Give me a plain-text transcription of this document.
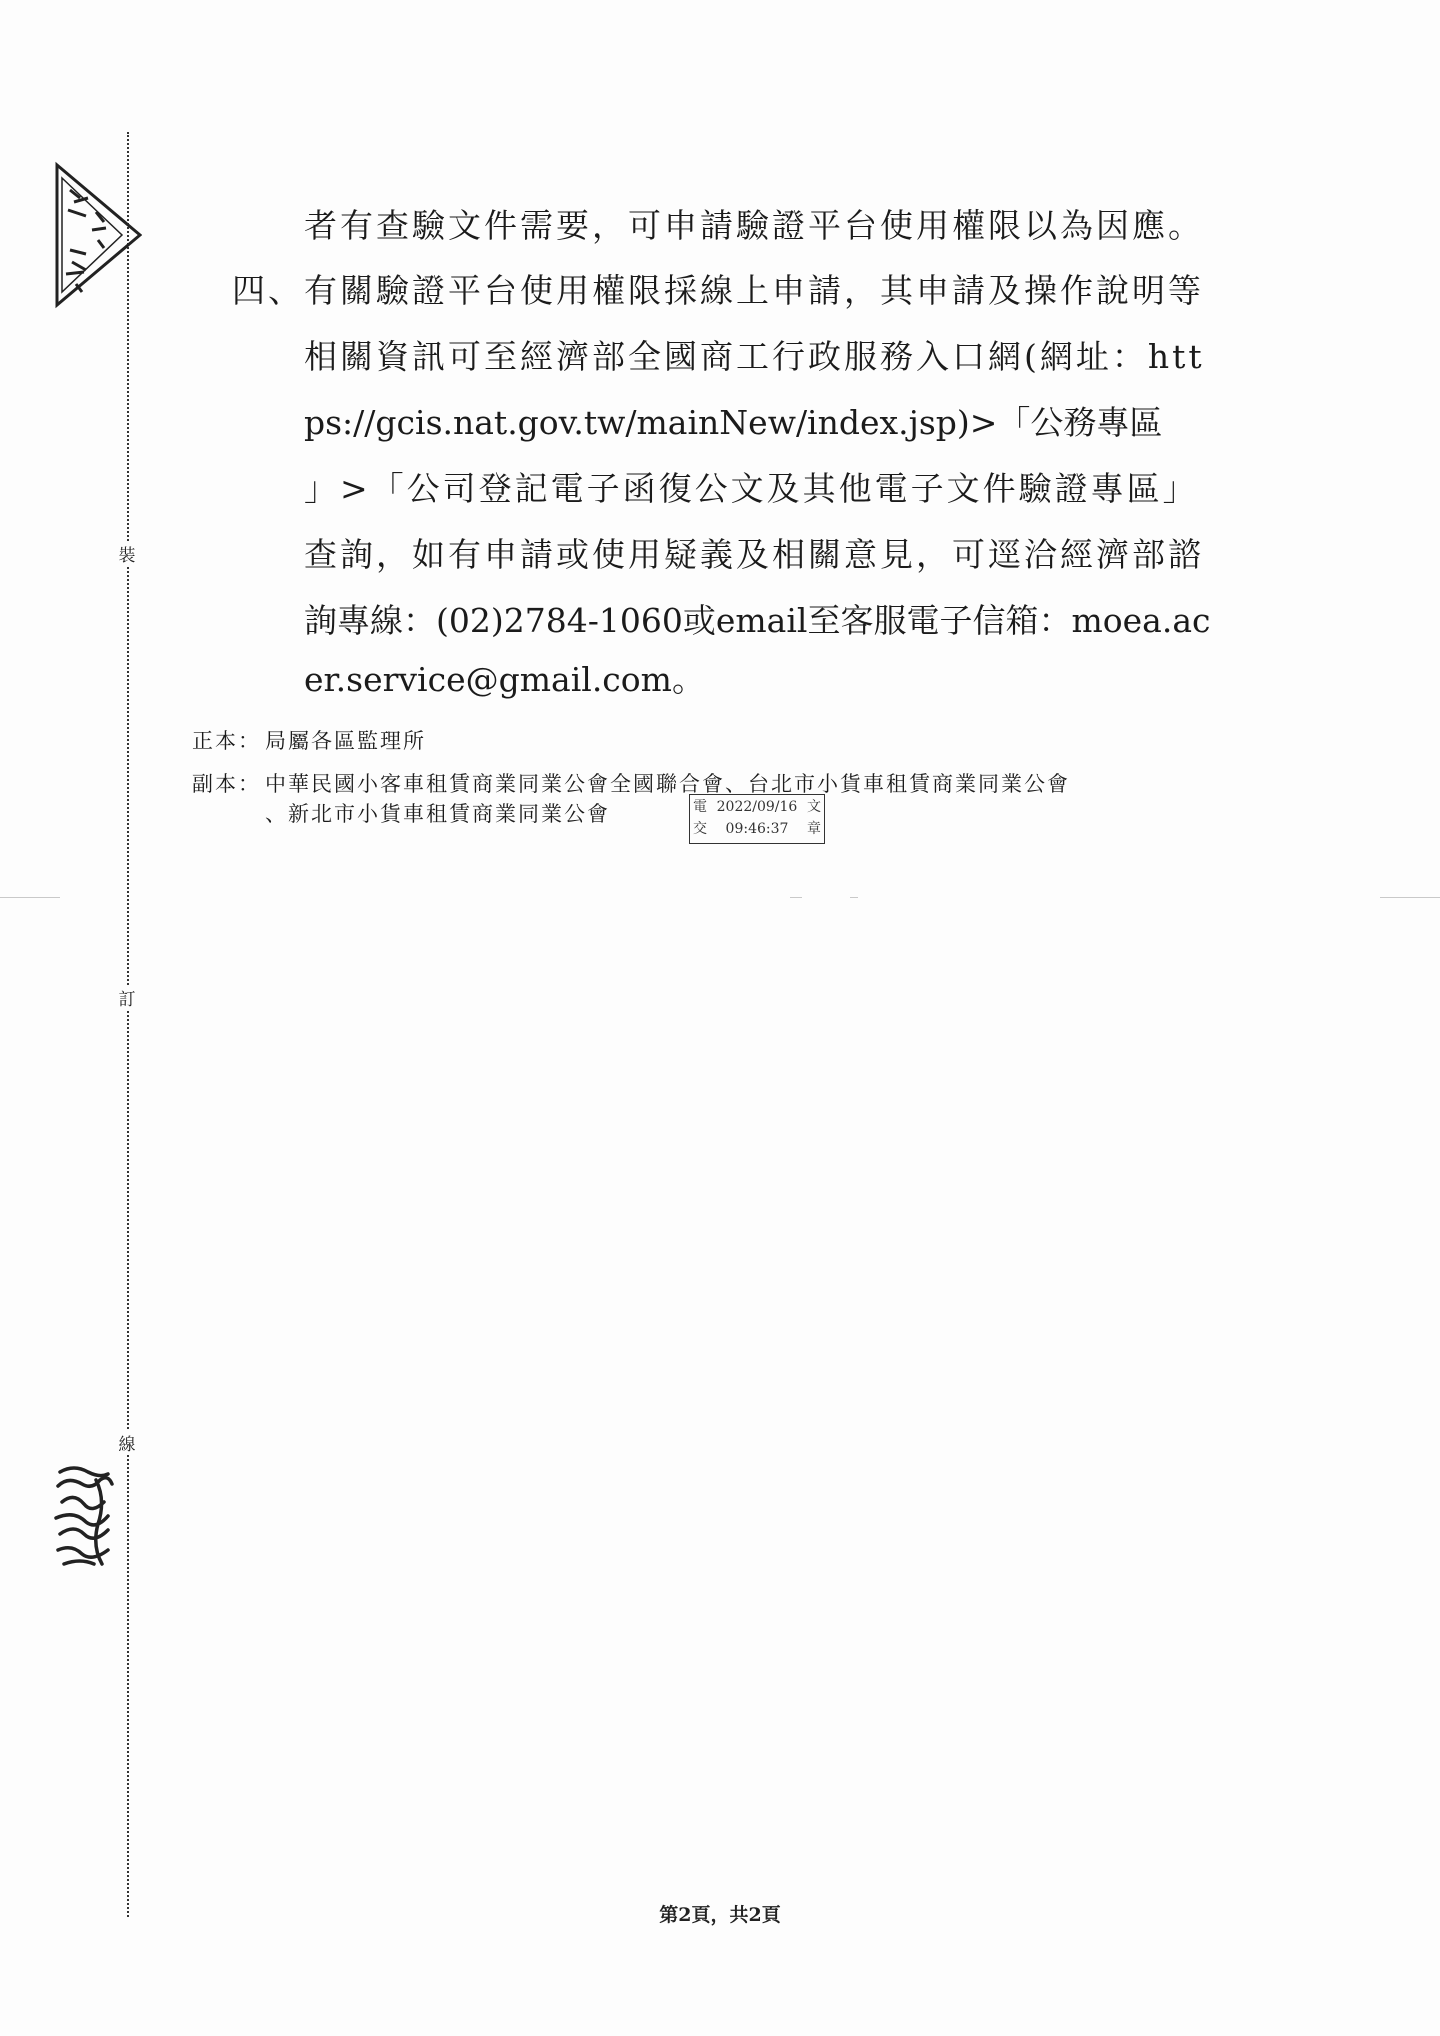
裝
訂
線
者有查驗文件需要，可申請驗證平台使用權限以為因應。
四、 有關驗證平台使用權限採線上申請，其申請及操作說明等
相關資訊可至經濟部全國商工行政服務入口網(網址：htt
ps://gcis.nat.gov.tw/mainNew/index.jsp)>「公務專區
」>「公司登記電子函復公文及其他電子文件驗證專區」
查詢，如有申請或使用疑義及相關意見，可逕洽經濟部諮
詢專線：(02)2784-1060或email至客服電子信箱：moea.ac
er.service@gmail.com。
正本： 局屬各區監理所
副本： 中華民國小客車租賃商業同業公會全國聯合會、台北市小貨車租賃商業同業公會
、新北市小貨車租賃商業同業公會	電 2022/09/16 文
交 09:46:37 章
第2頁，共2頁
